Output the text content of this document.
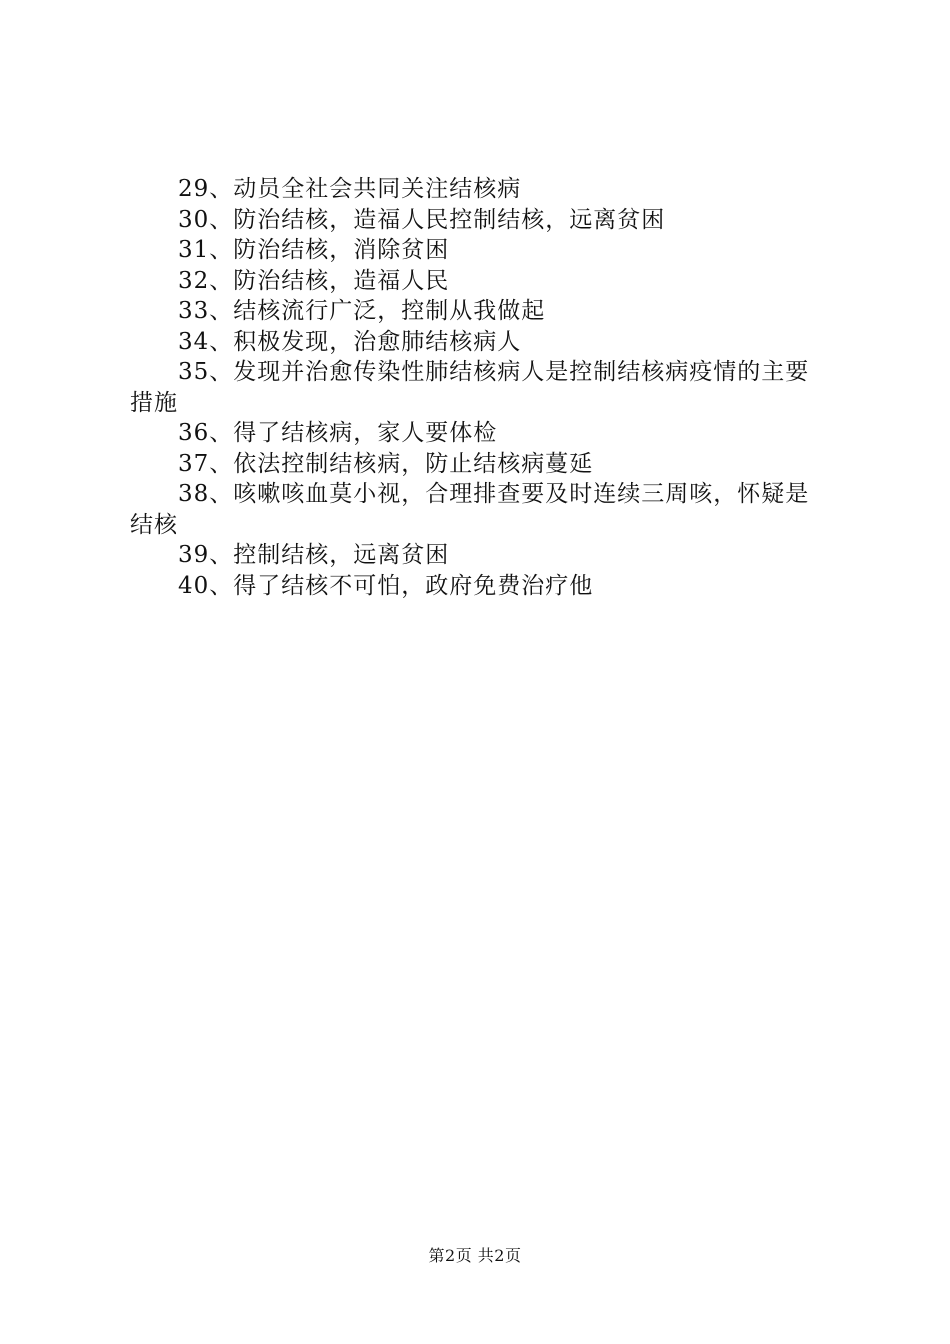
29、动员全社会共同关注结核病

30、防治结核，造福人民控制结核，远离贫困

31、防治结核，消除贫困

32、防治结核，造福人民

33、结核流行广泛，控制从我做起

34、积极发现，治愈肺结核病人

35、发现并治愈传染性肺结核病人是控制结核病疫情的主要措施

36、得了结核病，家人要体检

37、依法控制结核病，防止结核病蔓延

38、咳嗽咳血莫小视，合理排查要及时连续三周咳，怀疑是结核

39、控制结核，远离贫困

40、得了结核不可怕，政府免费治疗他

第2页 共2页
